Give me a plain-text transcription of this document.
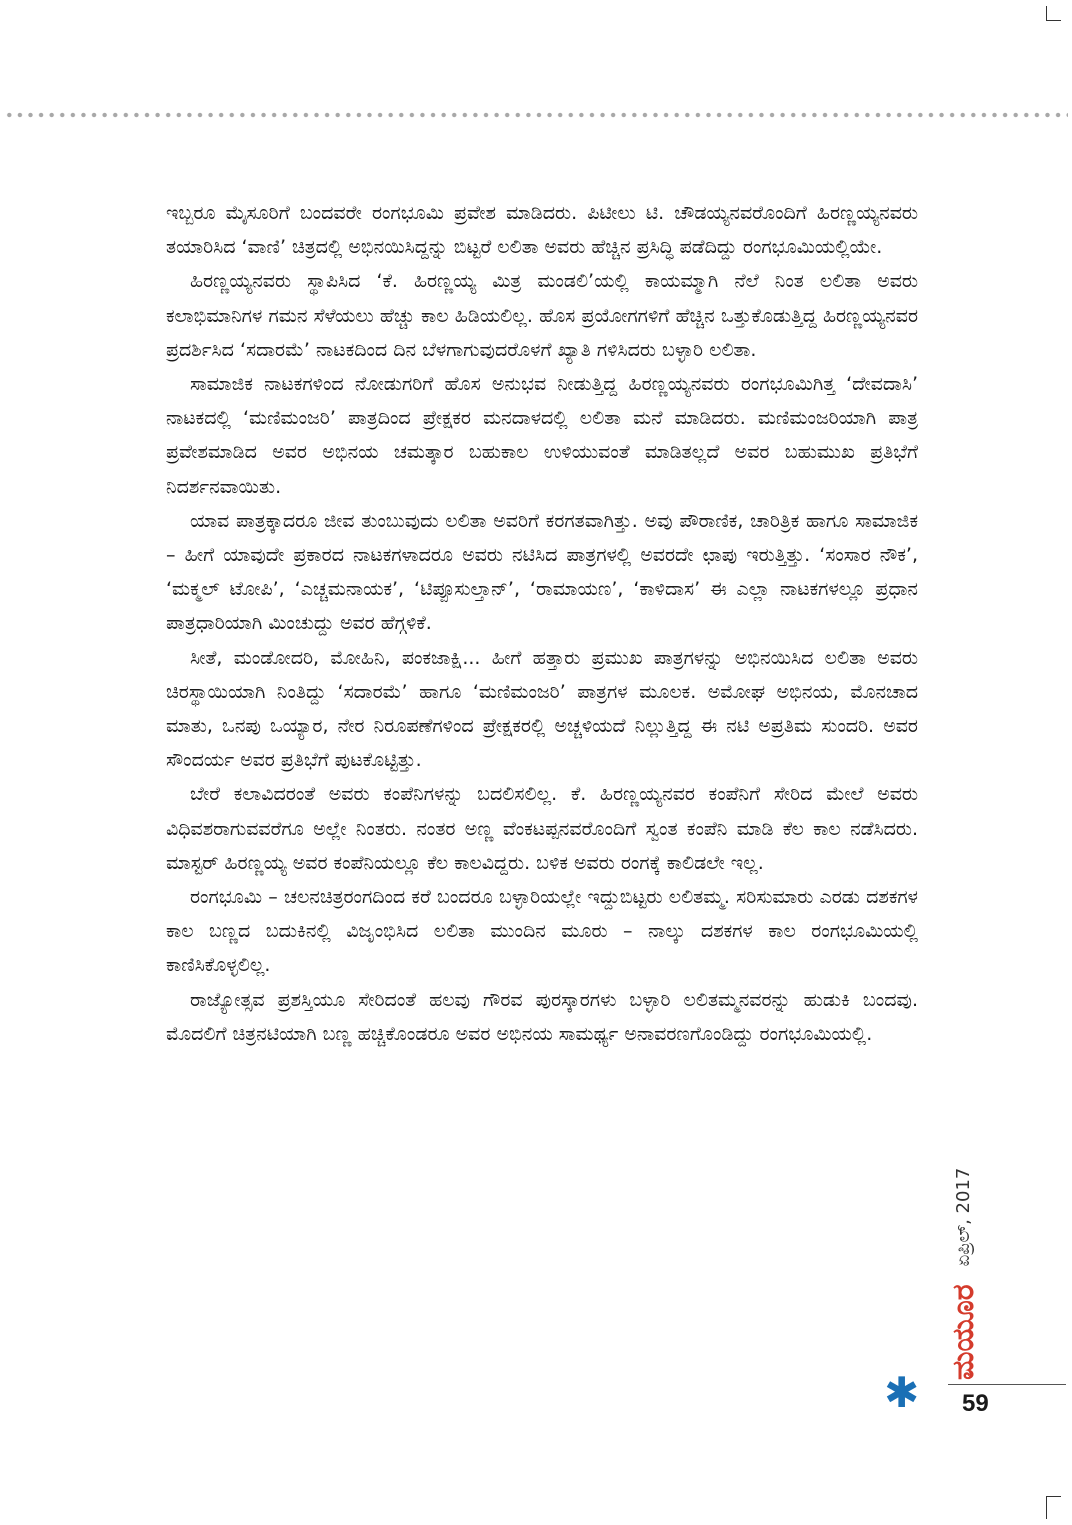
ಇಬ್ಬರೂ ಮೈಸೂರಿಗೆ ಬಂದವರೇ ರಂಗಭೂಮಿ ಪ್ರವೇಶ ಮಾಡಿದರು. ಪಿಟೀಲು ಟಿ. ಚೌಡಯ್ಯನವರೊಂದಿಗೆ ಹಿರಣ್ಣಯ್ಯನವರು ತಯಾರಿಸಿದ ‘ವಾಣಿ’ ಚಿತ್ರದಲ್ಲಿ ಅಭಿನಯಿಸಿದ್ದನ್ನು ಬಿಟ್ಟರೆ ಲಲಿತಾ ಅವರು ಹೆಚ್ಚಿನ ಪ್ರಸಿದ್ಧಿ ಪಡೆದಿದ್ದು ರಂಗಭೂಮಿಯಲ್ಲಿಯೇ.

ಹಿರಣ್ಣಯ್ಯನವರು ಸ್ಥಾಪಿಸಿದ ‘ಕೆ. ಹಿರಣ್ಣಯ್ಯ ಮಿತ್ರ ಮಂಡಲಿ’ಯಲ್ಲಿ ಕಾಯಮ್ಮಾಗಿ ನೆಲೆ ನಿಂತ ಲಲಿತಾ ಅವರು ಕಲಾಭಿಮಾನಿಗಳ ಗಮನ ಸೆಳೆಯಲು ಹೆಚ್ಚು ಕಾಲ ಹಿಡಿಯಲಿಲ್ಲ. ಹೊಸ ಪ್ರಯೋಗಗಳಿಗೆ ಹೆಚ್ಚಿನ ಒತ್ತುಕೊಡುತ್ತಿದ್ದ ಹಿರಣ್ಣಯ್ಯನವರ ಪ್ರದರ್ಶಿಸಿದ ‘ಸದಾರಮೆ’ ನಾಟಕದಿಂದ ದಿನ ಬೆಳಗಾಗುವುದರೊಳಗೆ ಖ್ಯಾತಿ ಗಳಿಸಿದರು ಬಳ್ಳಾರಿ ಲಲಿತಾ.

ಸಾಮಾಜಿಕ ನಾಟಕಗಳಿಂದ ನೋಡುಗರಿಗೆ ಹೊಸ ಅನುಭವ ನೀಡುತ್ತಿದ್ದ ಹಿರಣ್ಣಯ್ಯನವರು ರಂಗಭೂಮಿಗಿತ್ತ ‘ದೇವದಾಸಿ’ ನಾಟಕದಲ್ಲಿ ‘ಮಣಿಮಂಜರಿ’ ಪಾತ್ರದಿಂದ ಪ್ರೇಕ್ಷಕರ ಮನದಾಳದಲ್ಲಿ ಲಲಿತಾ ಮನೆ ಮಾಡಿದರು. ಮಣಿಮಂಜರಿಯಾಗಿ ಪಾತ್ರ ಪ್ರವೇಶಮಾಡಿದ ಅವರ ಅಭಿನಯ ಚಮತ್ಕಾರ ಬಹುಕಾಲ ಉಳಿಯುವಂತೆ ಮಾಡಿತಲ್ಲದೆ ಅವರ ಬಹುಮುಖ ಪ್ರತಿಭೆಗೆ ನಿದರ್ಶನವಾಯಿತು.

ಯಾವ ಪಾತ್ರಕ್ಕಾದರೂ ಜೀವ ತುಂಬುವುದು ಲಲಿತಾ ಅವರಿಗೆ ಕರಗತವಾಗಿತ್ತು. ಅವು ಪೌರಾಣಿಕ, ಚಾರಿತ್ರಿಕ ಹಾಗೂ ಸಾಮಾಜಿಕ – ಹೀಗೆ ಯಾವುದೇ ಪ್ರಕಾರದ ನಾಟಕಗಳಾದರೂ ಅವರು ನಟಿಸಿದ ಪಾತ್ರಗಳಲ್ಲಿ ಅವರದೇ ಛಾಪು ಇರುತ್ತಿತ್ತು. ‘ಸಂಸಾರ ನೌಕ’, ‘ಮಕ್ಮಲ್ ಟೋಪಿ’, ‘ಎಚ್ಚಮನಾಯಕ’, ‘ಟಿಪ್ಪೂಸುಲ್ತಾನ್’, ‘ರಾಮಾಯಣ’, ‘ಕಾಳಿದಾಸ’ ಈ ಎಲ್ಲಾ ನಾಟಕಗಳಲ್ಲೂ ಪ್ರಧಾನ ಪಾತ್ರಧಾರಿಯಾಗಿ ಮಿಂಚುದ್ದು ಅವರ ಹೆಗ್ಗಳಿಕೆ.

ಸೀತೆ, ಮಂಡೋದರಿ, ಮೋಹಿನಿ, ಪಂಕಜಾಕ್ಷಿ... ಹೀಗೆ ಹತ್ತಾರು ಪ್ರಮುಖ ಪಾತ್ರಗಳನ್ನು ಅಭಿನಯಿಸಿದ ಲಲಿತಾ ಅವರು ಚಿರಸ್ಥಾಯಿಯಾಗಿ ನಿಂತಿದ್ದು ‘ಸದಾರಮೆ’ ಹಾಗೂ ‘ಮಣಿಮಂಜರಿ’ ಪಾತ್ರಗಳ ಮೂಲಕ. ಅಮೋಘ ಅಭಿನಯ, ಮೊನಚಾದ ಮಾತು, ಒನಪು ಒಯ್ಯಾರ, ನೇರ ನಿರೂಪಣೆಗಳಿಂದ ಪ್ರೇಕ್ಷಕರಲ್ಲಿ ಅಚ್ಚಳಿಯದೆ ನಿಲ್ಲುತ್ತಿದ್ದ ಈ ನಟಿ ಅಪ್ರತಿಮ ಸುಂದರಿ. ಅವರ ಸೌಂದರ್ಯ ಅವರ ಪ್ರತಿಭೆಗೆ ಪುಟಕೊಟ್ಟಿತ್ತು.

ಬೇರೆ ಕಲಾವಿದರಂತೆ ಅವರು ಕಂಪೆನಿಗಳನ್ನು ಬದಲಿಸಲಿಲ್ಲ. ಕೆ. ಹಿರಣ್ಣಯ್ಯನವರ ಕಂಪೆನಿಗೆ ಸೇರಿದ ಮೇಲೆ ಅವರು ವಿಧಿವಶರಾಗುವವರೆಗೂ ಅಲ್ಲೇ ನಿಂತರು. ನಂತರ ಅಣ್ಣ ವೆಂಕಟಪ್ಪನವರೊಂದಿಗೆ ಸ್ವಂತ ಕಂಪೆನಿ ಮಾಡಿ ಕೆಲ ಕಾಲ ನಡೆಸಿದರು. ಮಾಸ್ಟರ್ ಹಿರಣ್ಣಯ್ಯ ಅವರ ಕಂಪೆನಿಯಲ್ಲೂ ಕೆಲ ಕಾಲವಿದ್ದರು. ಬಳಿಕ ಅವರು ರಂಗಕ್ಕೆ ಕಾಲಿಡಲೇ ಇಲ್ಲ.

ರಂಗಭೂಮಿ – ಚಲನಚಿತ್ರರಂಗದಿಂದ ಕರೆ ಬಂದರೂ ಬಳ್ಳಾರಿಯಲ್ಲೇ ಇದ್ದುಬಿಟ್ಟರು ಲಲಿತಮ್ಮ. ಸರಿಸುಮಾರು ಎರಡು ದಶಕಗಳ ಕಾಲ ಬಣ್ಣದ ಬದುಕಿನಲ್ಲಿ ವಿಜೃಂಭಿಸಿದ ಲಲಿತಾ ಮುಂದಿನ ಮೂರು – ನಾಲ್ಕು ದಶಕಗಳ ಕಾಲ ರಂಗಭೂಮಿಯಲ್ಲಿ ಕಾಣಿಸಿಕೊಳ್ಳಲಿಲ್ಲ.

ರಾಜ್ಯೋತ್ಸವ ಪ್ರಶಸ್ತಿಯೂ ಸೇರಿದಂತೆ ಹಲವು ಗೌರವ ಪುರಸ್ಕಾರಗಳು ಬಳ್ಳಾರಿ ಲಲಿತಮ್ಮನವರನ್ನು ಹುಡುಕಿ ಬಂದವು. ಮೊದಲಿಗೆ ಚಿತ್ರನಟಿಯಾಗಿ ಬಣ್ಣ ಹಚ್ಚಿಕೊಂಡರೂ ಅವರ ಅಭಿನಯ ಸಾಮರ್ಥ್ಯ ಅನಾವರಣಗೊಂಡಿದ್ದು ರಂಗಭೂಮಿಯಲ್ಲಿ.

✱
ಮಯೂರ
ಏಪ್ರಿಲ್, 2017
59
